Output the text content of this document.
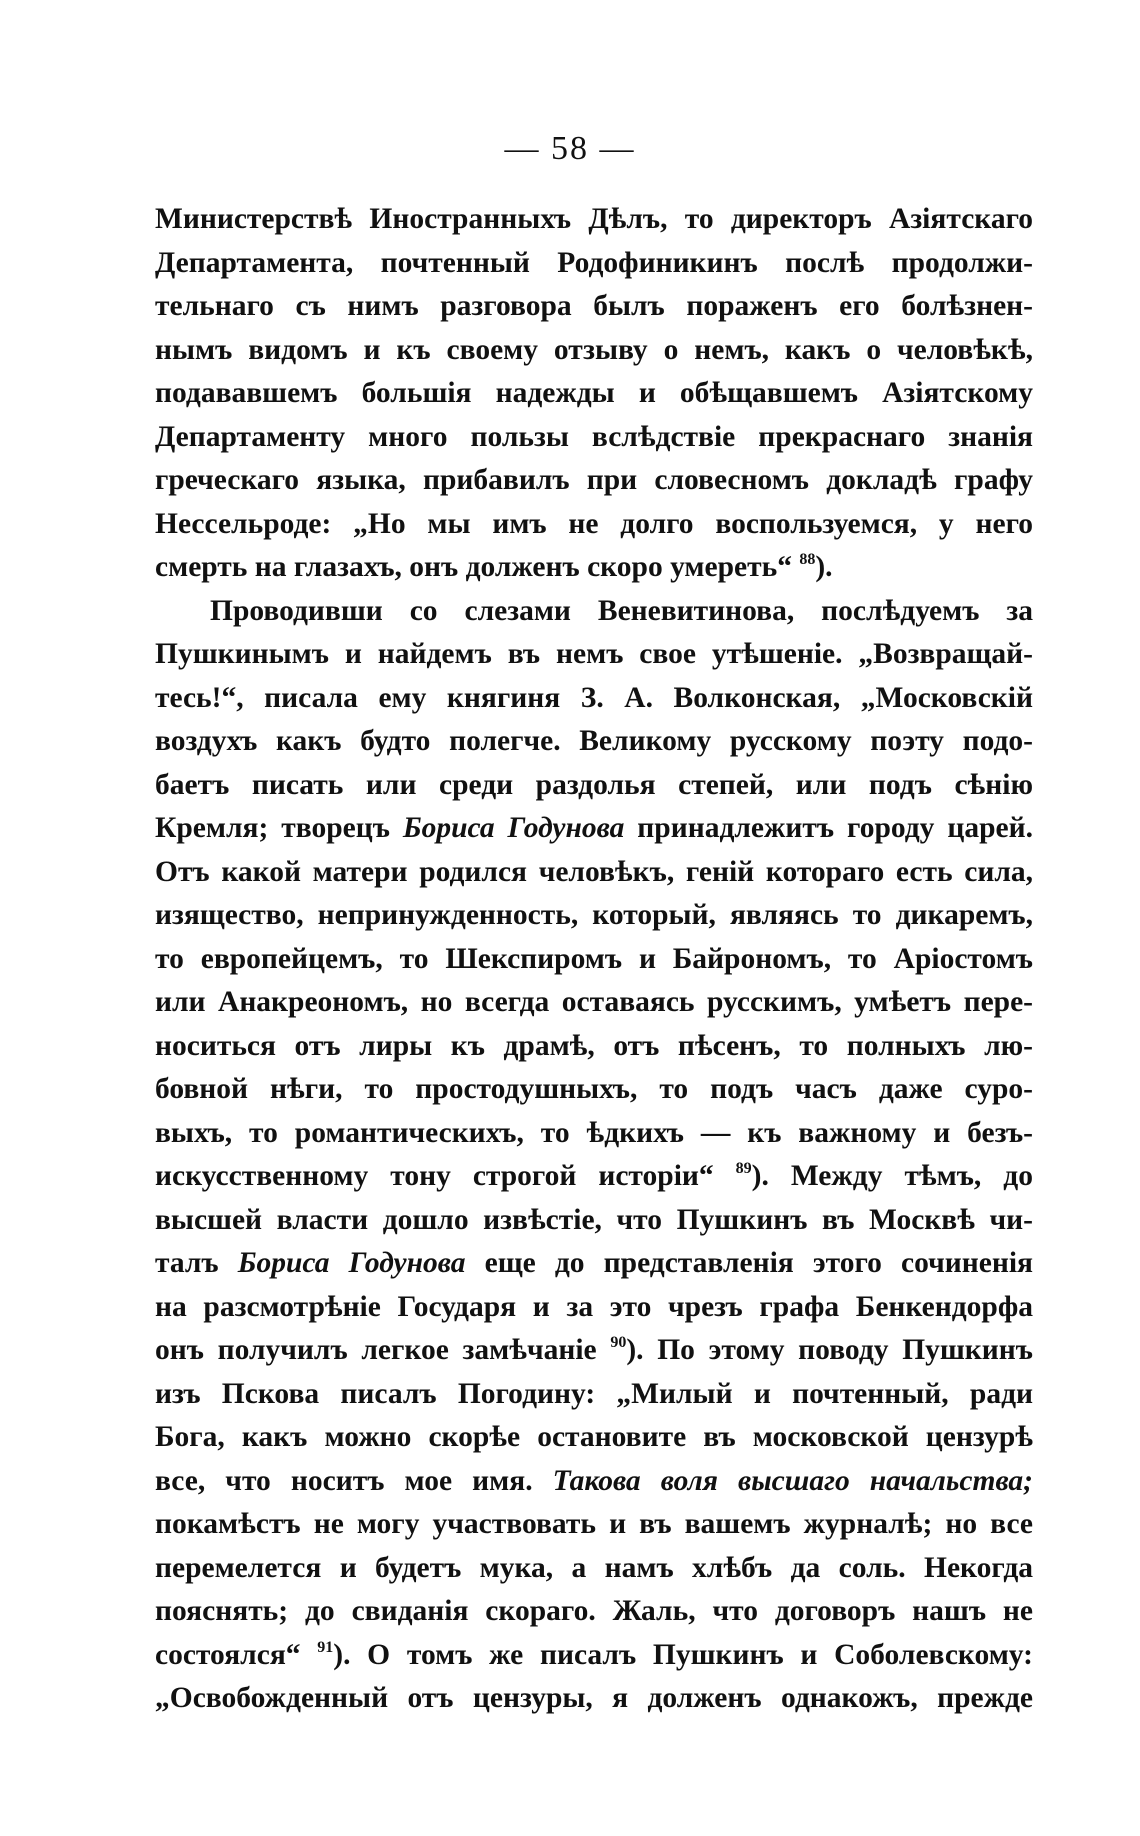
— 58 —
Министерствѣ Иностранныхъ Дѣлъ, то директоръ Азіятскаго
Департамента, почтенный Родофиникинъ послѣ продолжи-
тельнаго съ нимъ разговора былъ пораженъ его болѣзнен-
нымъ видомъ и къ своему отзыву о немъ, какъ о человѣкѣ,
подававшемъ большія надежды и обѣщавшемъ Азіятскому
Департаменту много пользы вслѣдствіе прекраснаго знанія
греческаго языка, прибавилъ при словесномъ докладѣ графу
Нессельроде: „Но мы имъ не долго воспользуемся, у него
смерть на глазахъ, онъ долженъ скоро умереть“ $^{88}$).
Проводивши со слезами Веневитинова, послѣдуемъ за
Пушкинымъ и найдемъ въ немъ свое утѣшеніе. „Возвращай-
тесь!“, писала ему княгиня З. А. Волконская, „Московскій
воздухъ какъ будто полегче. Великому русскому поэту подо-
баетъ писать или среди раздолья степей, или подъ сѣнію
Кремля; творецъ Бориса Годунова принадлежитъ городу царей.
Отъ какой матери родился человѣкъ, геній котораго есть сила,
изящество, непринужденность, который, являясь то дикаремъ,
то европейцемъ, то Шекспиромъ и Байрономъ, то Аріостомъ
или Анакреономъ, но всегда оставаясь русскимъ, умѣетъ пере-
носиться отъ лиры къ драмѣ, отъ пѣсенъ, то полныхъ лю-
бовной нѣги, то простодушныхъ, то подъ часъ даже суро-
выхъ, то романтическихъ, то ѣдкихъ — къ важному и безъ-
искусственному тону строгой исторіи“ $^{89}$). Между тѣмъ, до
высшей власти дошло извѣстіе, что Пушкинъ въ Москвѣ чи-
талъ Бориса Годунова еще до представленія этого сочиненія
на разсмотрѣніе Государя и за это чрезъ графа Бенкендорфа
онъ получилъ легкое замѣчаніе $^{90}$). По этому поводу Пушкинъ
изъ Пскова писалъ Погодину: „Милый и почтенный, ради
Бога, какъ можно скорѣе остановите въ московской цензурѣ
все, что носитъ мое имя. Такова воля высшаго начальства;
покамѣстъ не могу участвовать и въ вашемъ журналѣ; но все
перемелется и будетъ мука, а намъ хлѣбъ да соль. Некогда
пояснять; до свиданія скораго. Жаль, что договоръ нашъ не
состоялся“ $^{91}$). О томъ же писалъ Пушкинъ и Соболевскому:
„Освобожденный отъ цензуры, я долженъ однакожъ, прежде
